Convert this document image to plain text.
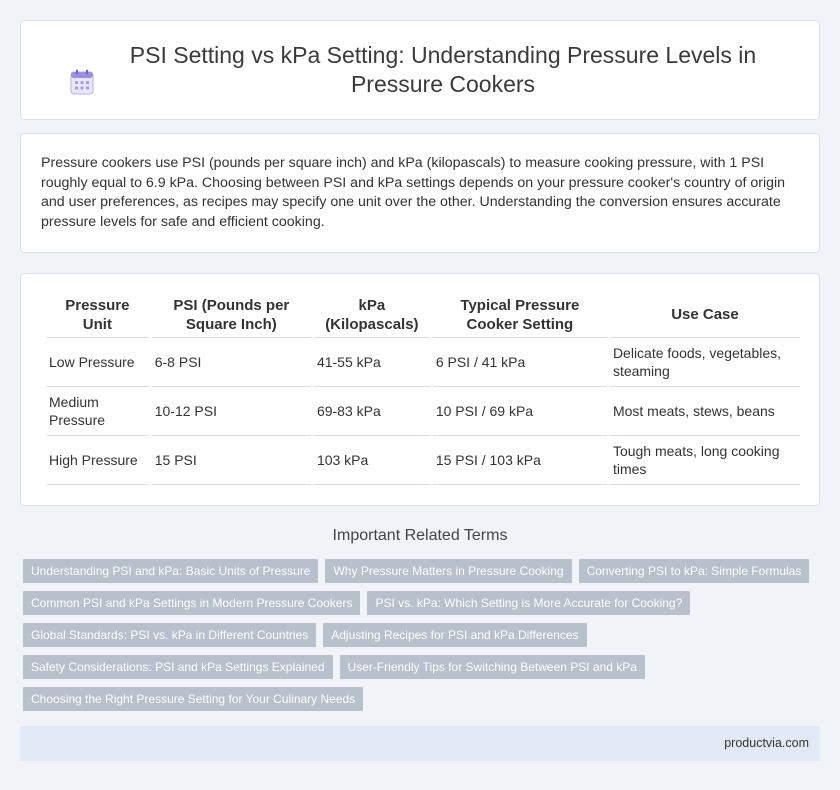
PSI Setting vs kPa Setting: Understanding Pressure Levels in Pressure Cookers

Pressure cookers use PSI (pounds per square inch) and kPa (kilopascals) to measure cooking pressure, with 1 PSI roughly equal to 6.9 kPa. Choosing between PSI and kPa settings depends on your pressure cooker's country of origin and user preferences, as recipes may specify one unit over the other. Understanding the conversion ensures accurate pressure levels for safe and efficient cooking.

Pressure Unit	PSI (Pounds per Square Inch)	kPa (Kilopascals)	Typical Pressure Cooker Setting	Use Case
Low Pressure	6-8 PSI	41-55 kPa	6 PSI / 41 kPa	Delicate foods, vegetables, steaming
Medium Pressure	10-12 PSI	69-83 kPa	10 PSI / 69 kPa	Most meats, stews, beans
High Pressure	15 PSI	103 kPa	15 PSI / 103 kPa	Tough meats, long cooking times
Important Related Terms
Understanding PSI and kPa: Basic Units of Pressure	Why Pressure Matters in Pressure Cooking	Converting PSI to kPa: Simple Formulas
Common PSI and kPa Settings in Modern Pressure Cookers	PSI vs. kPa: Which Setting is More Accurate for Cooking?
Global Standards: PSI vs. kPa in Different Countries	Adjusting Recipes for PSI and kPa Differences
Safety Considerations: PSI and kPa Settings Explained	User-Friendly Tips for Switching Between PSI and kPa
Choosing the Right Pressure Setting for Your Culinary Needs
productvia.com
